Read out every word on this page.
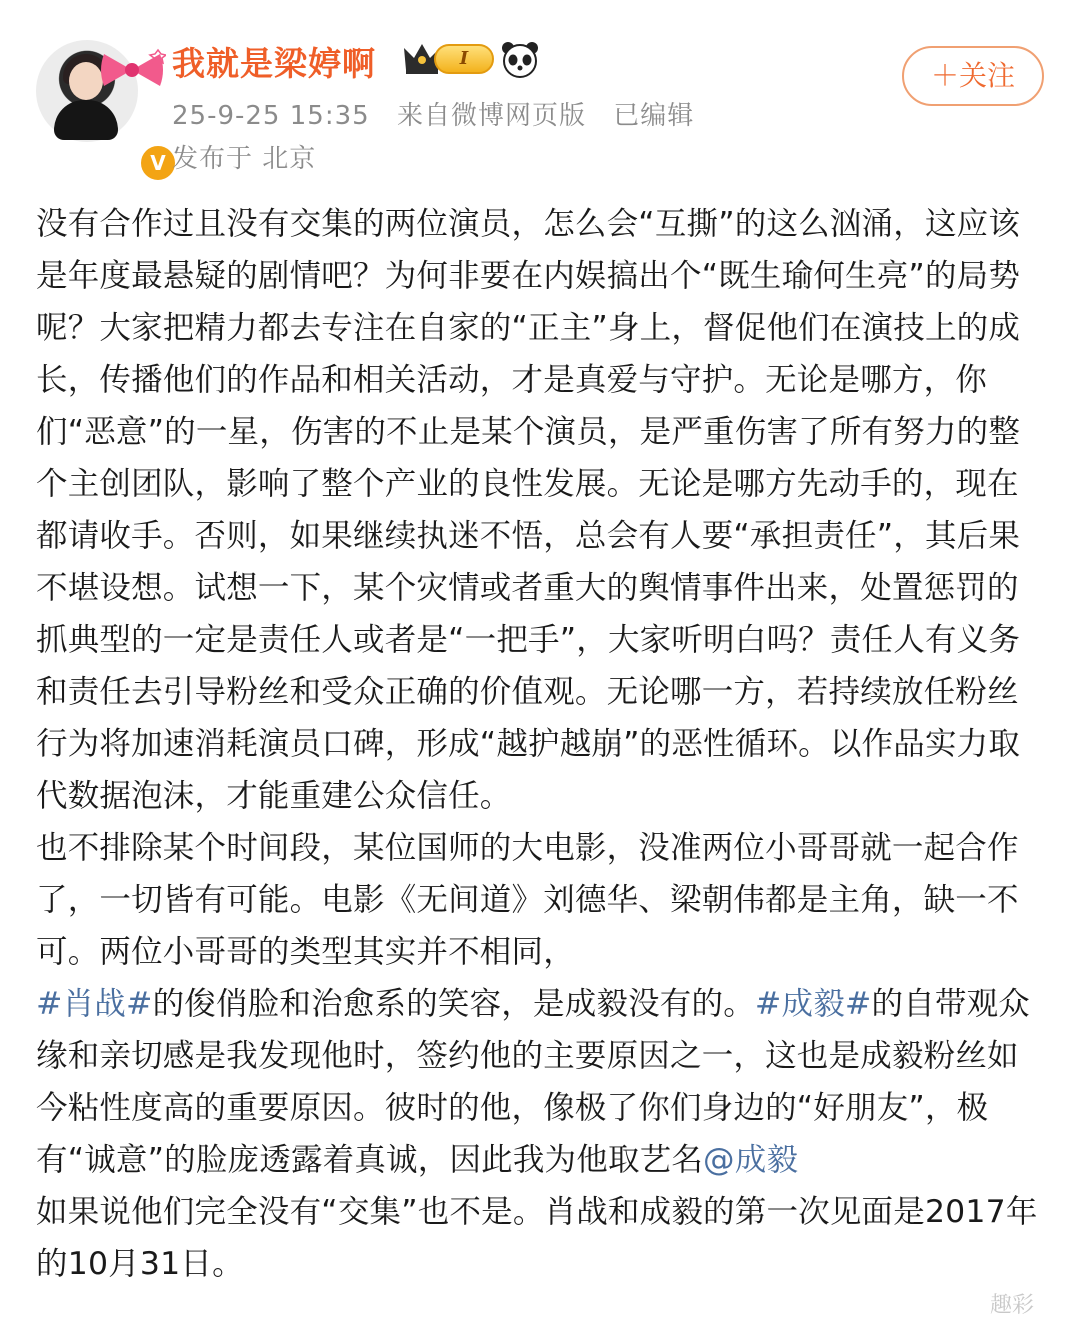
V
我就是梁婷啊	I
25-9-25 15:35 来自微博网页版 已编辑
发布于 北京
＋关注

没有合作过且没有交集的两位演员，怎么会“互撕”的这么汹涌，这应该是年度最悬疑的剧情吧？为何非要在内娱搞出个“既生瑜何生亮”的局势呢？大家把精力都去专注在自家的“正主”身上，督促他们在演技上的成长，传播他们的作品和相关活动，才是真爱与守护。无论是哪方，你们“恶意”的一星，伤害的不止是某个演员，是严重伤害了所有努力的整个主创团队，影响了整个产业的良性发展。无论是哪方先动手的，现在都请收手。否则，如果继续执迷不悟，总会有人要“承担责任”，其后果不堪设想。试想一下，某个灾情或者重大的舆情事件出来，处置惩罚的抓典型的一定是责任人或者是“一把手”，大家听明白吗？责任人有义务和责任去引导粉丝和受众正确的价值观。无论哪一方，若持续放任粉丝行为将加速消耗演员口碑，形成“越护越崩”的恶性循环。以作品实力取代数据泡沫，才能重建公众信任。

也不排除某个时间段，某位国师的大电影，没准两位小哥哥就一起合作了，一切皆有可能。电影《无间道》刘德华、梁朝伟都是主角，缺一不可。两位小哥哥的类型其实并不相同，

#肖战#的俊俏脸和治愈系的笑容，是成毅没有的。#成毅#的自带观众缘和亲切感是我发现他时，签约他的主要原因之一，这也是成毅粉丝如今粘性度高的重要原因。彼时的他，像极了你们身边的“好朋友”，极有“诚意”的脸庞透露着真诚，因此我为他取艺名@成毅

如果说他们完全没有“交集”也不是。肖战和成毅的第一次见面是2017年的10月31日。

趣彩
